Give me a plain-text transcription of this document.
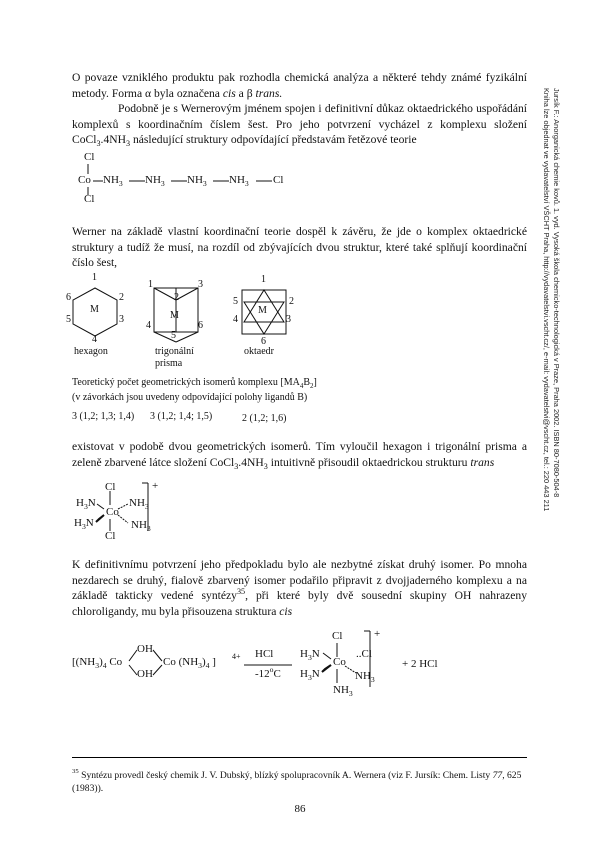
Jursík F.: Anorganická chemie kovů. 1. vyd. Vysoká škola chemicko-technologická v Praze, Praha 2002. ISBN 80-7080-504-8
Kniha lze objednat ve vydavatelství VŠCHT Praha, http://vydavatelstvi.vscht.cz/, e-mail: vydavatelstvi@vscht.cz, tel.: 220 443 211

O povaze vzniklého produktu pak rozhodla chemická analýza a některé tehdy známé fyzikální metody. Forma α byla označena cis a β trans.

Podobně je s Wernerovým jménem spojen i definitivní důkaz oktaedrického uspořádání komplexů s koordinačním číslem šest. Pro jeho potvrzení vycházel z komplexu složení $CoCl_3.4NH_3$ následující struktury odpovídající představám řetězové teorie

Cl
Co
Cl
$NH_3$ $NH_3$ $NH_3$ $NH_3$ Cl

Werner na základě vlastní koordinační teorie dospěl k závěru, že jde o komplex oktaedrické struktury a tudíž že musí, na rozdíl od zbývajících dvou struktur, které také splňují koordinační číslo šest,

M
1
2
3
4
5
6
hexagon
M
1
2
3
4
5
6
trigonální
prisma
M
1
2
3
4
5
6
oktaedr
Teoretický počet geometrických isomerů komplexu $[MA_4B_2]$
(v závorkách jsou uvedeny odpovídající polohy ligandů B)
3 (1,2; 1,3; 1,4) 3 (1,2; 1,4; 1,5)	2 (1,2; 1,6)

existovat v podobě dvou geometrických isomerů. Tím vyloučil hexagon i trigonální prisma a zeleně zbarvené látce složení $CoCl_3.4NH_3$ intuitivně přisoudil oktaedrickou strukturu trans

Cl
Cl
Co
$H_3N$
$H_3N$
$NH_3$
$NH_3$
+

K definitivnímu potvrzení jeho předpokladu bylo ale nezbytné získat druhý isomer. Po mnoha nezdarech se druhý, fialově zbarvený isomer podařilo připravit z dvojjaderného komplexu a na základě takticky vedené syntézy$^{35}$, při které byly dvě sousední skupiny OH nahrazeny chloroligandy, mu byla přisouzena struktura cis

[$(NH_3)_4$ Co
OH
OH
Co $(NH_3)_4$ ] 4+ HCl
-12$^o$C
Cl
Co
$H_3N$
$H_3N$
..Cl
$NH_3$
$NH_3$
+
+ 2 HCl
$^{35}$ Syntézu provedl český chemik J. V. Dubský, blízký spolupracovník A. Wernera (viz F. Jursík: Chem. Listy 77, 625 (1983)).
86
